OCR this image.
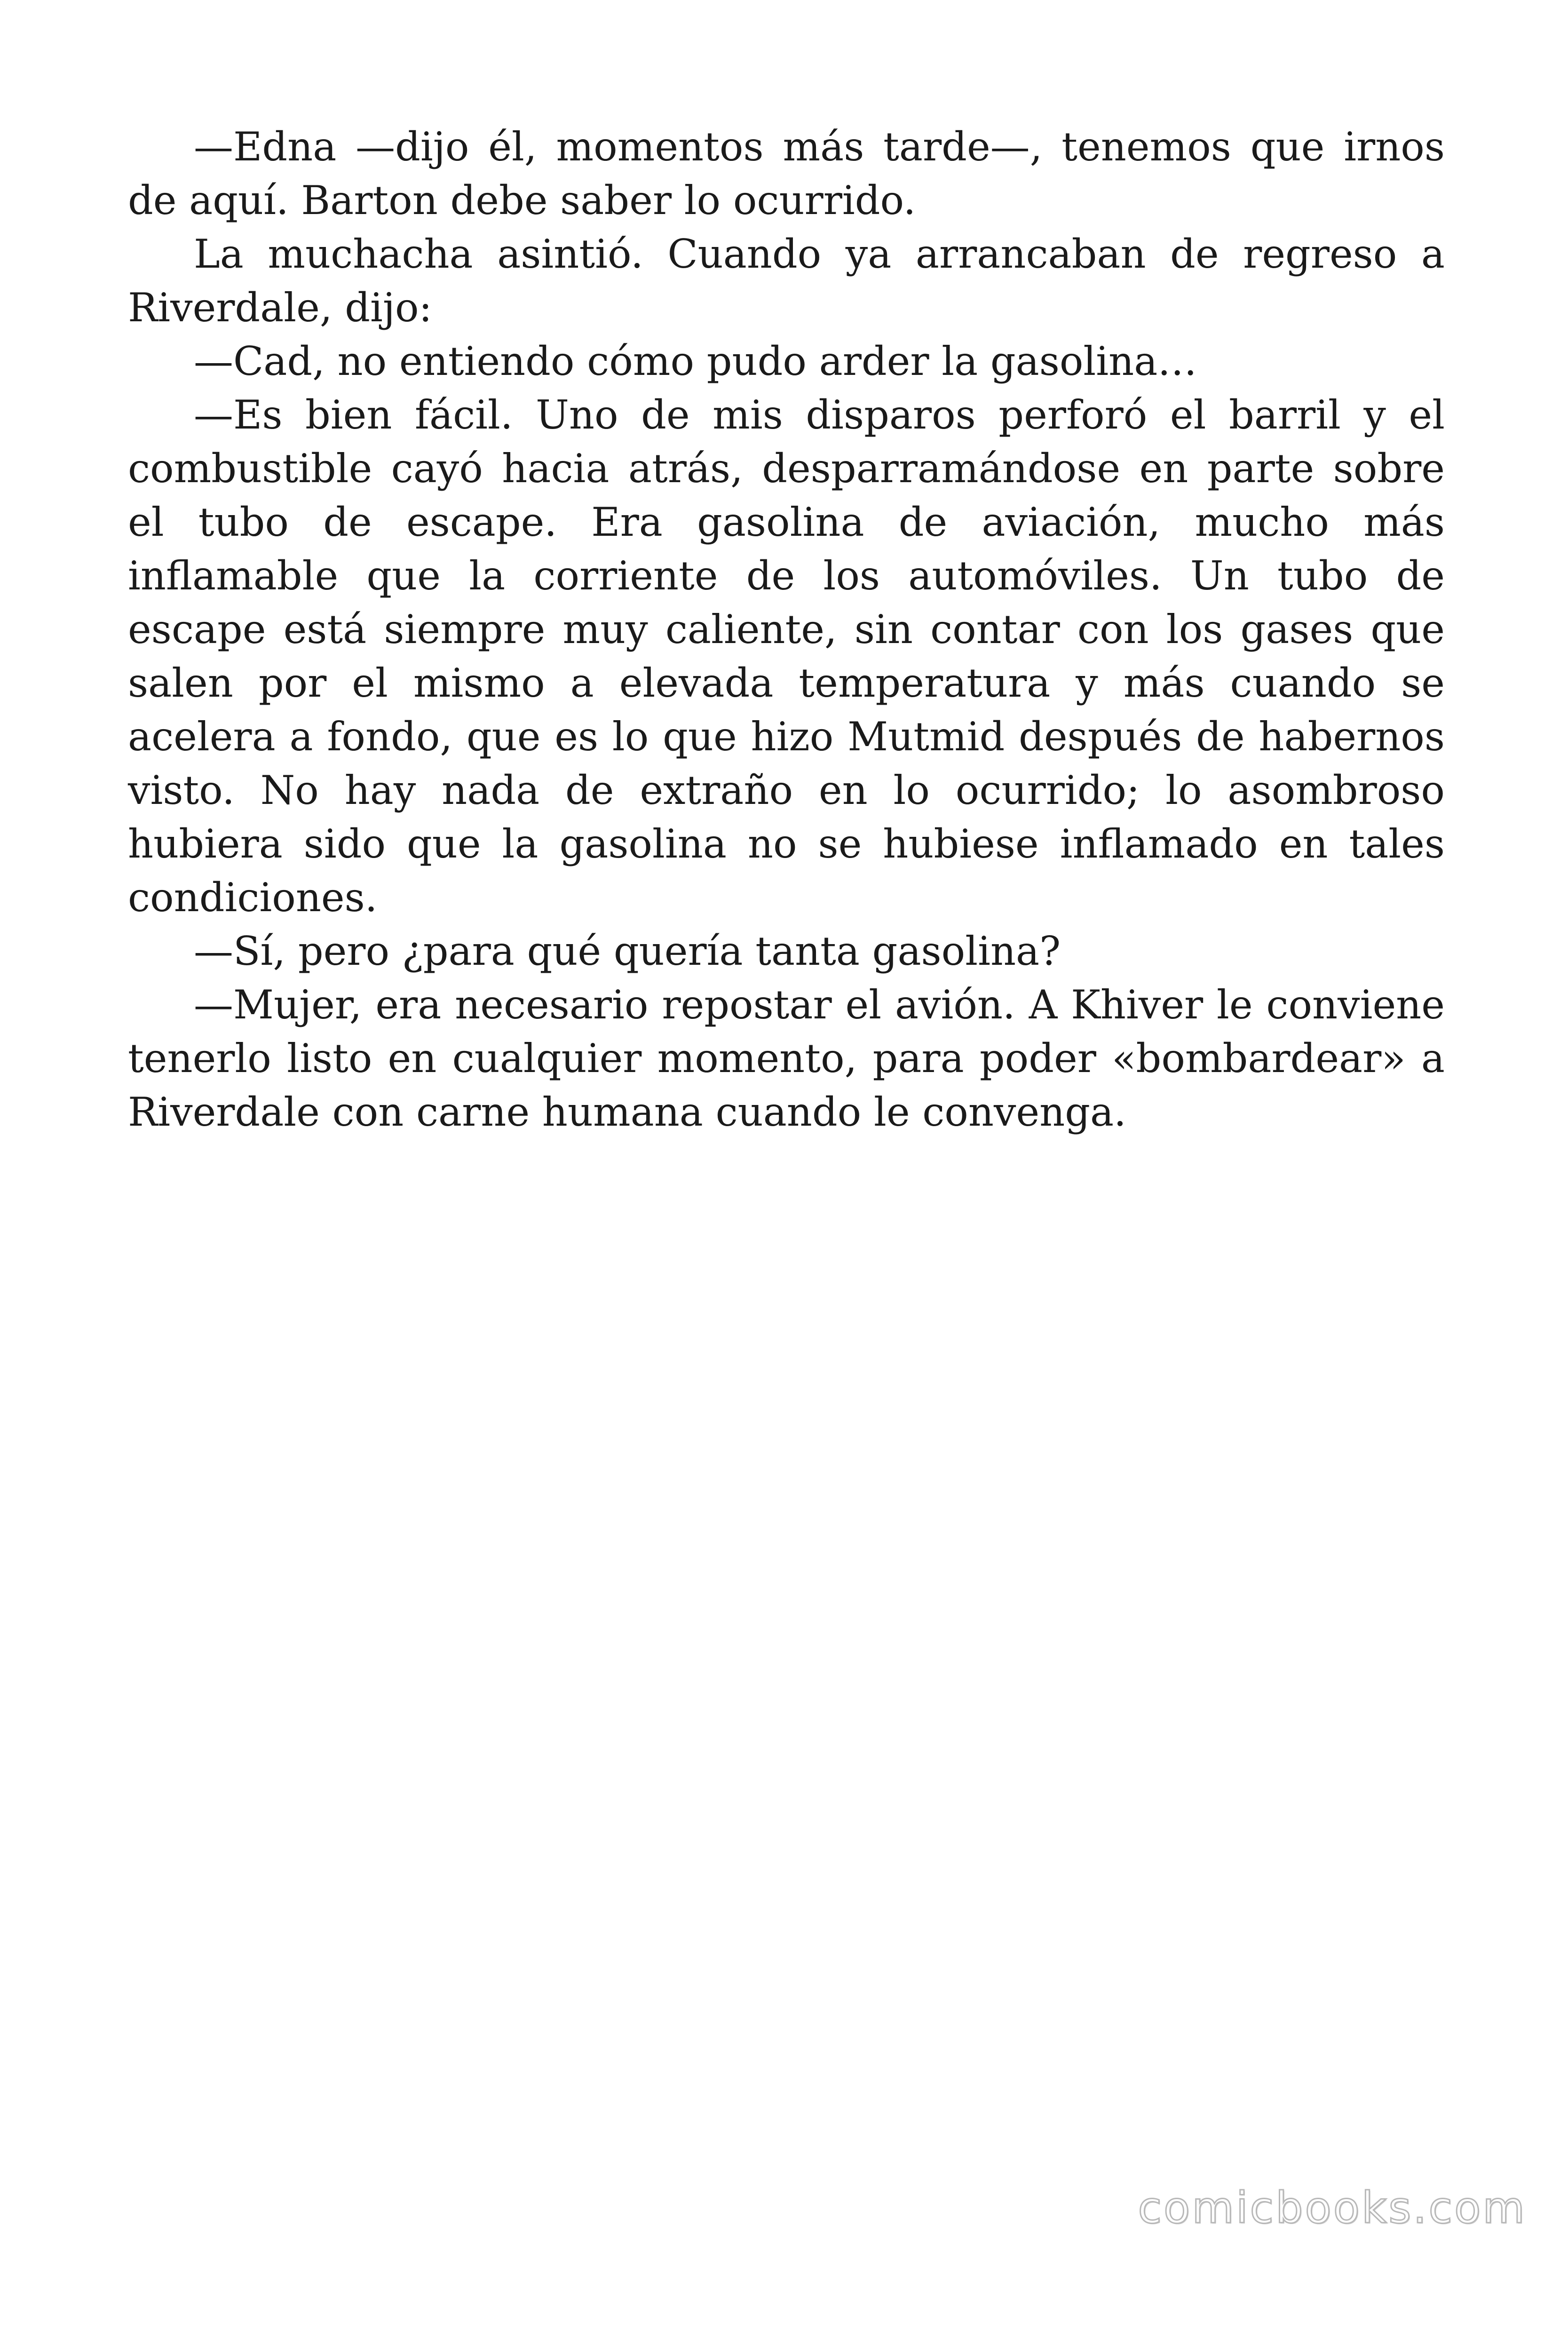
—Edna —dijo él, momentos más tarde—, tenemos que irnos de aquí. Barton debe saber lo ocurrido.

La muchacha asintió. Cuando ya arrancaban de regreso a Riverdale, dijo:

—Cad, no entiendo cómo pudo arder la gasolina…

—Es bien fácil. Uno de mis disparos perforó el barril y el combustible cayó hacia atrás, desparramándose en parte sobre el tubo de escape. Era gasolina de aviación, mucho más inflamable que la corriente de los automóviles. Un tubo de escape está siempre muy caliente, sin contar con los gases que salen por el mismo a elevada temperatura y más cuando se acelera a fondo, que es lo que hizo Mutmid después de habernos visto. No hay nada de extraño en lo ocurrido; lo asombroso hubiera sido que la gasolina no se hubiese inflamado en tales condiciones.

—Sí, pero ¿para qué quería tanta gasolina?

—Mujer, era necesario repostar el avión. A Khiver le conviene tenerlo listo en cualquier momento, para poder «bombardear» a Riverdale con carne humana cuando le convenga.

comicbooks.com
